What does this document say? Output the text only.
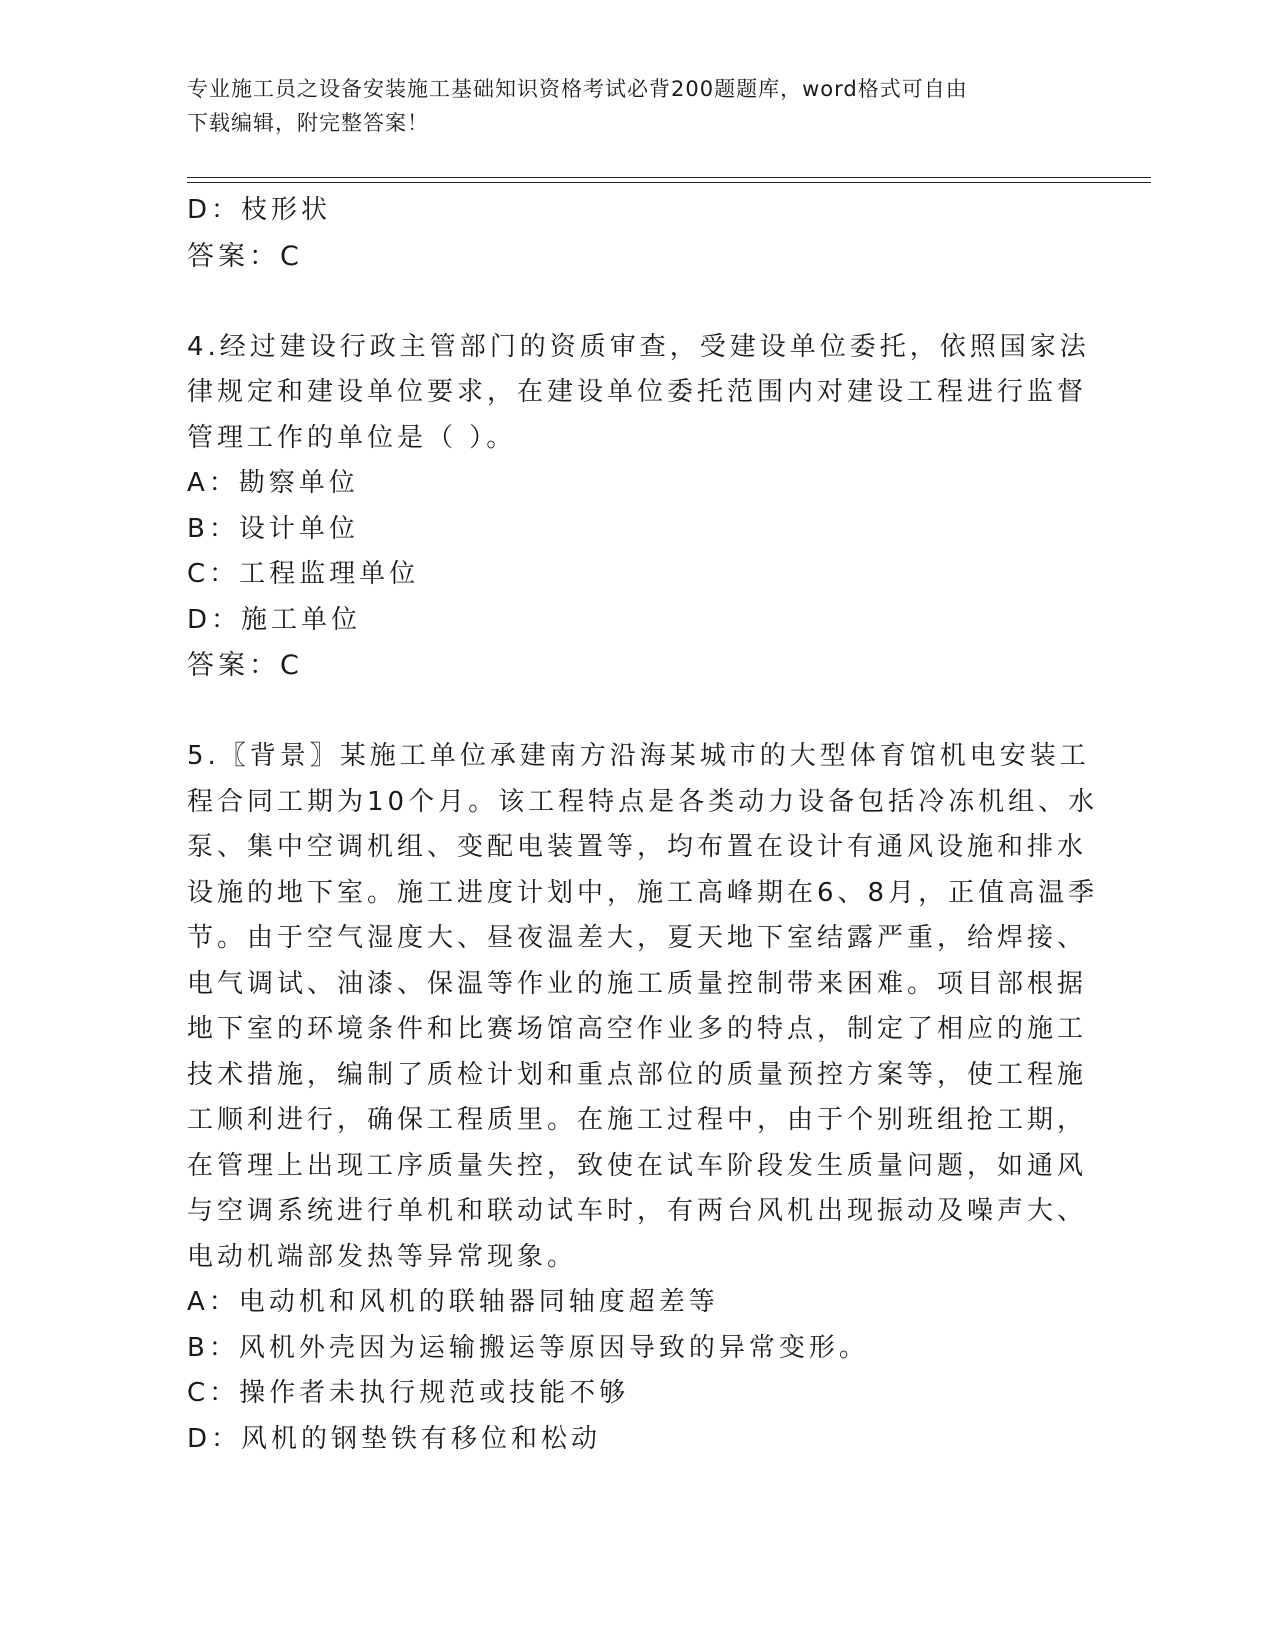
专业施工员之设备安装施工基础知识资格考试必背200题题库，word格式可自由
下载编辑，附完整答案！
D：枝形状
答案：C
4.经过建设行政主管部门的资质审查，受建设单位委托，依照国家法
律规定和建设单位要求，在建设单位委托范围内对建设工程进行监督
管理工作的单位是（ ）。
A：勘察单位
B：设计单位
C：工程监理单位
D：施工单位
答案：C
5.〖背景〗某施工单位承建南方沿海某城市的大型体育馆机电安装工
程合同工期为10个月。该工程特点是各类动力设备包括冷冻机组、水
泵、集中空调机组、变配电装置等，均布置在设计有通风设施和排水
设施的地下室。施工进度计划中，施工高峰期在6、8月，正值高温季
节。由于空气湿度大、昼夜温差大，夏天地下室结露严重，给焊接、
电气调试、油漆、保温等作业的施工质量控制带来困难。项目部根据
地下室的环境条件和比赛场馆高空作业多的特点，制定了相应的施工
技术措施，编制了质检计划和重点部位的质量预控方案等，使工程施
工顺利进行，确保工程质里。在施工过程中，由于个别班组抢工期，
在管理上出现工序质量失控，致使在试车阶段发生质量问题，如通风
与空调系统进行单机和联动试车时，有两台风机出现振动及噪声大、
电动机端部发热等异常现象。
A：电动机和风机的联轴器同轴度超差等
B：风机外壳因为运输搬运等原因导致的异常变形。
C：操作者未执行规范或技能不够
D：风机的钢垫铁有移位和松动
